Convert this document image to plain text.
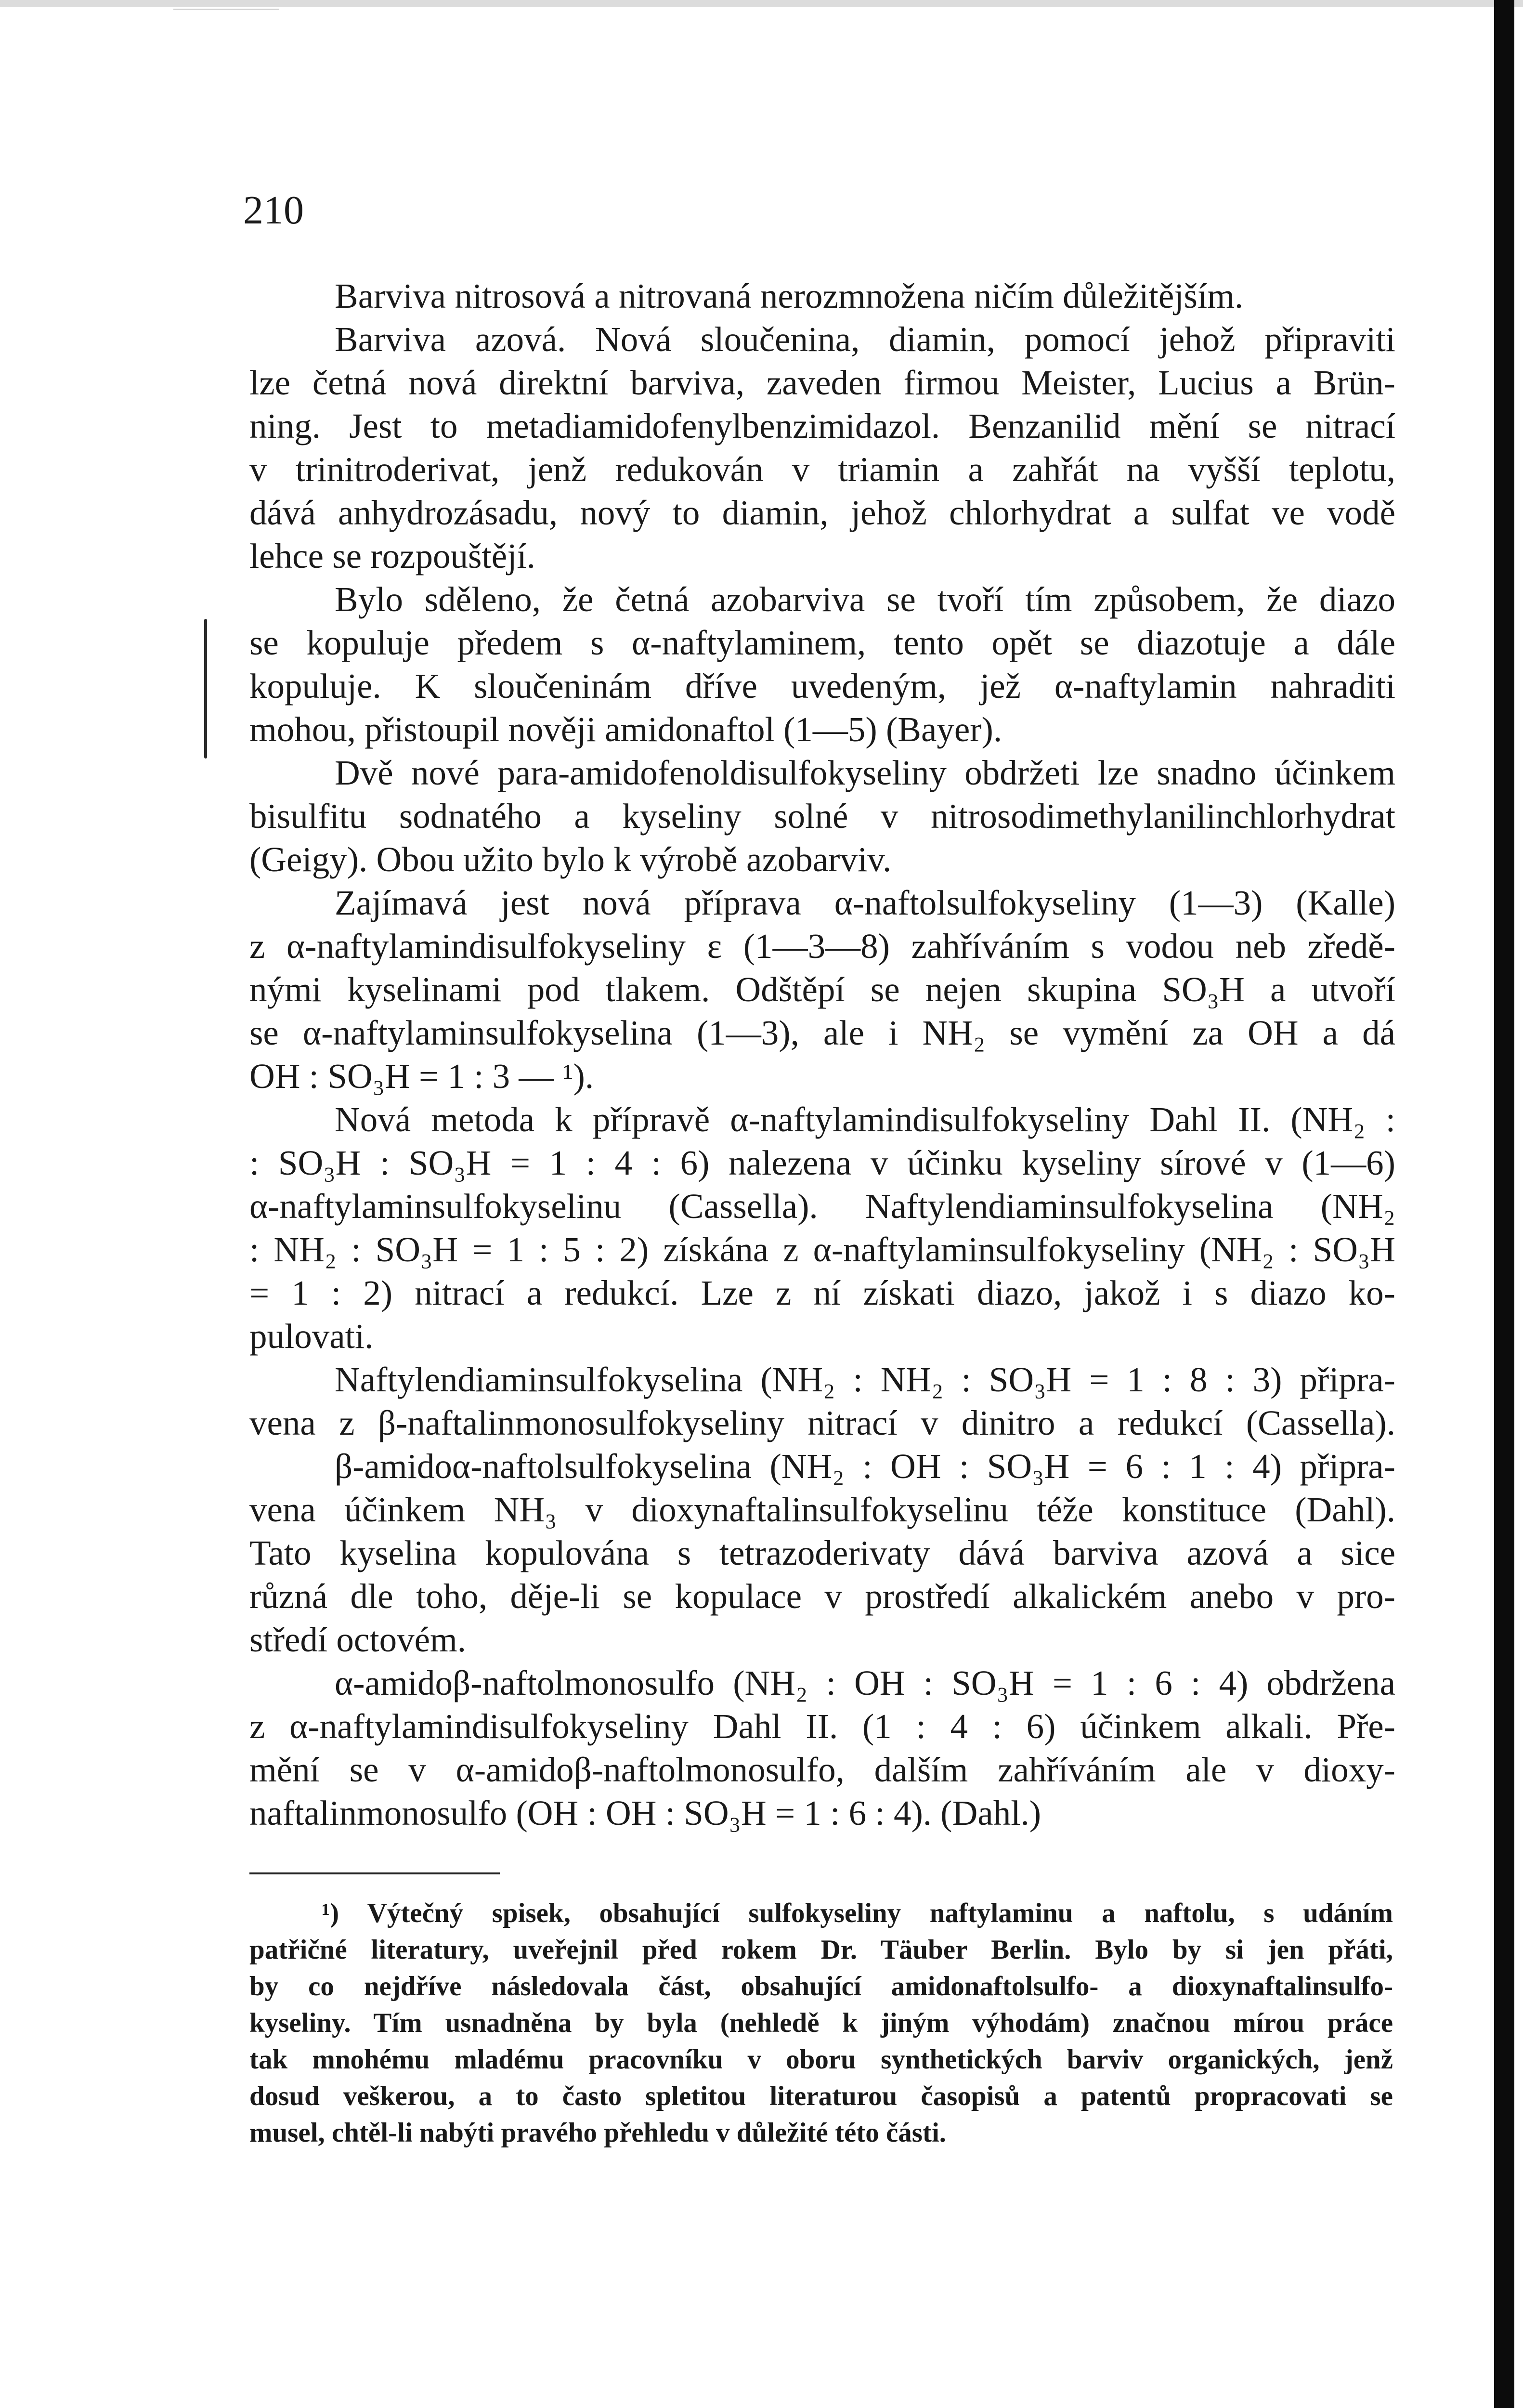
210
Barviva nitrosová a nitrovaná nerozmnožena ničím důležitějším.
Barviva azová. Nová sloučenina, diamin, pomocí jehož připraviti
lze četná nová direktní barviva, zaveden firmou Meister, Lucius a Brün-
ning. Jest to metadiamidofenylbenzimidazol. Benzanilid mění se nitrací
v trinitroderivat, jenž redukován v triamin a zahřát na vyšší teplotu,
dává anhydrozásadu, nový to diamin, jehož chlorhydrat a sulfat ve vodě
lehce se rozpouštějí.
Bylo sděleno, že četná azobarviva se tvoří tím způsobem, že diazo
se kopuluje předem s α-naftylaminem, tento opět se diazotuje a dále
kopuluje. K sloučeninám dříve uvedeným, jež α-naftylamin nahraditi
mohou, přistoupil nověji amidonaftol (1—5) (Bayer).
Dvě nové para-amidofenoldisulfokyseliny obdržeti lze snadno účinkem
bisulfitu sodnatého a kyseliny solné v nitrosodimethylanilinchlorhydrat
(Geigy). Obou užito bylo k výrobě azobarviv.
Zajímavá jest nová příprava α-naftolsulfokyseliny (1—3) (Kalle)
z α-naftylamindisulfokyseliny ε (1—3—8) zahříváním s vodou neb zředě-
nými kyselinami pod tlakem. Odštěpí se nejen skupina SO₃H a utvoří
se α-naftylaminsulfokyselina (1—3), ale i NH₂ se vymění za OH a dá
OH : SO₃H = 1 : 3 — ¹).
Nová metoda k přípravě α-naftylamindisulfokyseliny Dahl II. (NH₂ :
: SO₃H : SO₃H = 1 : 4 : 6) nalezena v účinku kyseliny sírové v (1—6)
α-naftylaminsulfokyselinu (Cassella). Naftylendiaminsulfokyselina (NH₂
: NH₂ : SO₃H = 1 : 5 : 2) získána z α-naftylaminsulfokyseliny (NH₂ : SO₃H
= 1 : 2) nitrací a redukcí. Lze z ní získati diazo, jakož i s diazo ko-
pulovati.
Naftylendiaminsulfokyselina (NH₂ : NH₂ : SO₃H = 1 : 8 : 3) připra-
vena z β-naftalinmonosulfokyseliny nitrací v dinitro a redukcí (Cassella).
β-amidoα-naftolsulfokyselina (NH₂ : OH : SO₃H = 6 : 1 : 4) připra-
vena účinkem NH₃ v dioxynaftalinsulfokyselinu téže konstituce (Dahl).
Tato kyselina kopulována s tetrazoderivaty dává barviva azová a sice
různá dle toho, děje-li se kopulace v prostředí alkalickém anebo v pro-
středí octovém.
α-amidoβ-naftolmonosulfo (NH₂ : OH : SO₃H = 1 : 6 : 4) obdržena
z α-naftylamindisulfokyseliny Dahl II. (1 : 4 : 6) účinkem alkali. Pře-
mění se v α-amidoβ-naftolmonosulfo, dalším zahříváním ale v dioxy-
naftalinmonosulfo (OH : OH : SO₃H = 1 : 6 : 4). (Dahl.)
¹) Výtečný spisek, obsahující sulfokyseliny naftylaminu a naftolu, s udáním
patřičné literatury, uveřejnil před rokem Dr. Täuber Berlin. Bylo by si jen přáti,
by co nejdříve následovala část, obsahující amidonaftolsulfo- a dioxynaftalinsulfo-
kyseliny. Tím usnadněna by byla (nehledě k jiným výhodám) značnou mírou práce
tak mnohému mladému pracovníku v oboru synthetických barviv organických, jenž
dosud veškerou, a to často spletitou literaturou časopisů a patentů propracovati se
musel, chtěl-li nabýti pravého přehledu v důležité této části.
